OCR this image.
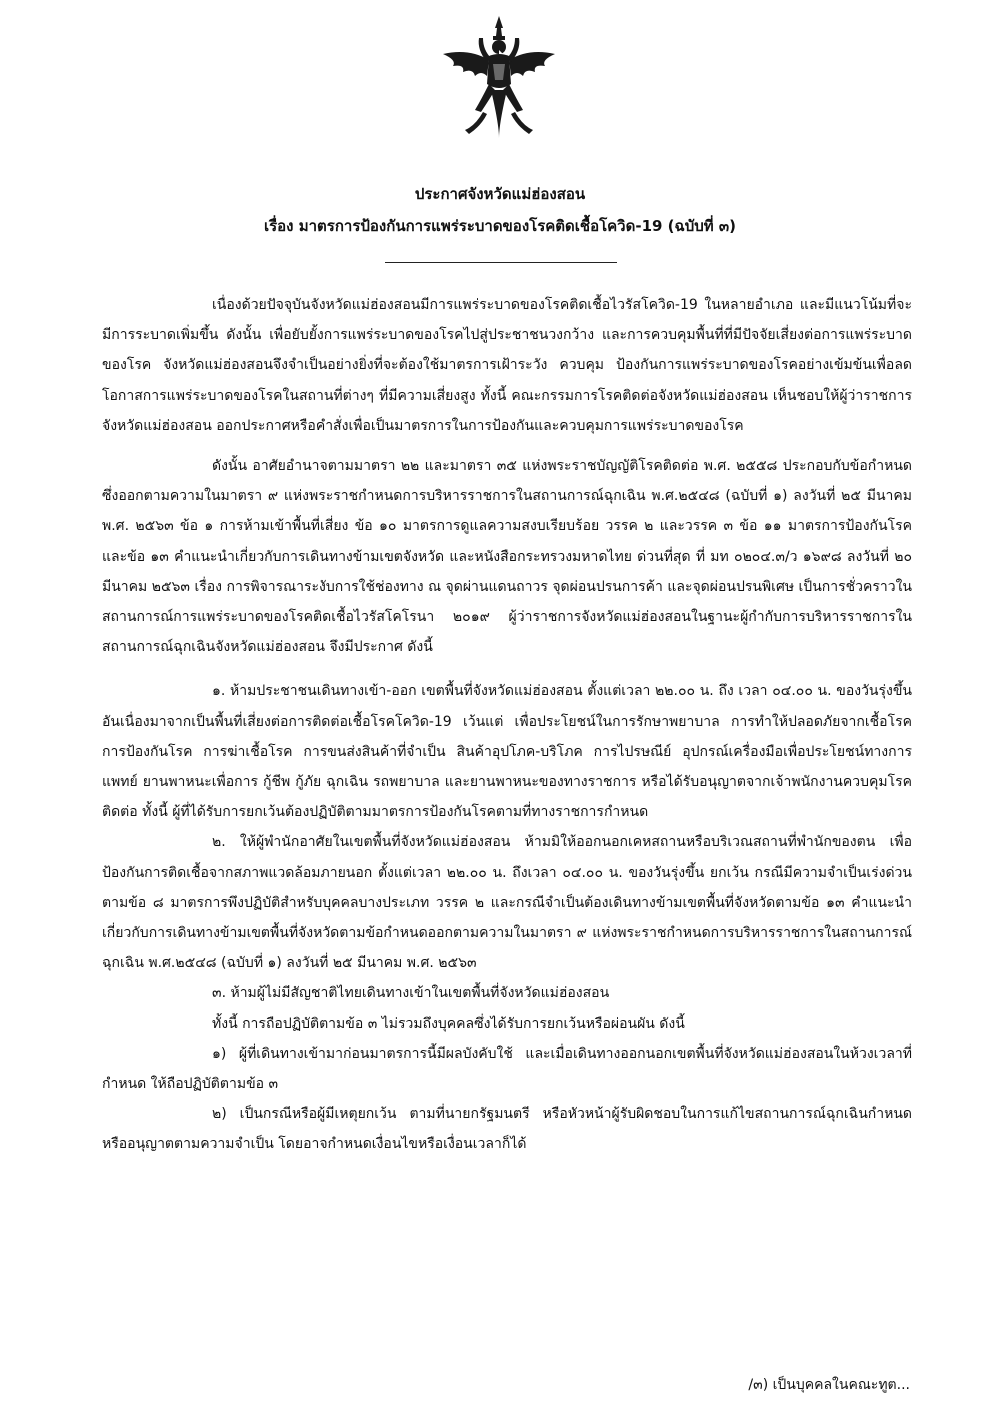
ประกาศจังหวัดแม่ฮ่องสอน
เรื่อง มาตรการป้องกันการแพร่ระบาดของโรคติดเชื้อโควิด-19 (ฉบับที่ ๓)

เนื่องด้วยปัจจุบันจังหวัดแม่ฮ่องสอนมีการแพร่ระบาดของโรคติดเชื้อไวรัสโควิด-19 ในหลายอำเภอ และมีแนวโน้มที่จะมีการระบาดเพิ่มขึ้น ดังนั้น เพื่อยับยั้งการแพร่ระบาดของโรคไปสู่ประชาชนวงกว้าง และการควบคุมพื้นที่ที่มีปัจจัยเสี่ยงต่อการแพร่ระบาดของโรค จังหวัดแม่ฮ่องสอนจึงจำเป็นอย่างยิ่งที่จะต้องใช้มาตรการเฝ้าระวัง ควบคุม ป้องกันการแพร่ระบาดของโรคอย่างเข้มข้นเพื่อลดโอกาสการแพร่ระบาดของโรคในสถานที่ต่างๆ ที่มีความเสี่ยงสูง ทั้งนี้ คณะกรรมการโรคติดต่อจังหวัดแม่ฮ่องสอน เห็นชอบให้ผู้ว่าราชการจังหวัดแม่ฮ่องสอน ออกประกาศหรือคำสั่งเพื่อเป็นมาตรการในการป้องกันและควบคุมการแพร่ระบาดของโรค

ดังนั้น อาศัยอำนาจตามมาตรา ๒๒ และมาตรา ๓๕ แห่งพระราชบัญญัติโรคติดต่อ พ.ศ. ๒๕๕๘ ประกอบกับข้อกำหนดซึ่งออกตามความในมาตรา ๙ แห่งพระราชกำหนดการบริหารราชการในสถานการณ์ฉุกเฉิน พ.ศ.๒๕๔๘ (ฉบับที่ ๑) ลงวันที่ ๒๕ มีนาคม พ.ศ. ๒๕๖๓ ข้อ ๑ การห้ามเข้าพื้นที่เสี่ยง ข้อ ๑๐ มาตรการดูแลความสงบเรียบร้อย วรรค ๒ และวรรค ๓ ข้อ ๑๑ มาตรการป้องกันโรค และข้อ ๑๓ คำแนะนำเกี่ยวกับการเดินทางข้ามเขตจังหวัด และหนังสือกระทรวงมหาดไทย ด่วนที่สุด ที่ มท ๐๒๐๔.๓/ว ๑๖๙๘ ลงวันที่ ๒๐ มีนาคม ๒๕๖๓ เรื่อง การพิจารณาระงับการใช้ช่องทาง ณ จุดผ่านแดนถาวร จุดผ่อนปรนการค้า และจุดผ่อนปรนพิเศษ เป็นการชั่วคราวในสถานการณ์การแพร่ระบาดของโรคติดเชื้อไวรัสโคโรนา ๒๐๑๙ ผู้ว่าราชการจังหวัดแม่ฮ่องสอนในฐานะผู้กำกับการบริหารราชการในสถานการณ์ฉุกเฉินจังหวัดแม่ฮ่องสอน จึงมีประกาศ ดังนี้

๑. ห้ามประชาชนเดินทางเข้า-ออก เขตพื้นที่จังหวัดแม่ฮ่องสอน ตั้งแต่เวลา ๒๒.๐๐ น. ถึง เวลา ๐๔.๐๐ น. ของวันรุ่งขึ้น อันเนื่องมาจากเป็นพื้นที่เสี่ยงต่อการติดต่อเชื้อโรคโควิด-19 เว้นแต่ เพื่อประโยชน์ในการรักษาพยาบาล การทำให้ปลอดภัยจากเชื้อโรค การป้องกันโรค การฆ่าเชื้อโรค การขนส่งสินค้าที่จำเป็น สินค้าอุปโภค-บริโภค การไปรษณีย์ อุปกรณ์เครื่องมือเพื่อประโยชน์ทางการแพทย์ ยานพาหนะเพื่อการ กู้ชีพ กู้ภัย ฉุกเฉิน รถพยาบาล และยานพาหนะของทางราชการ หรือได้รับอนุญาตจากเจ้าพนักงานควบคุมโรคติดต่อ ทั้งนี้ ผู้ที่ได้รับการยกเว้นต้องปฏิบัติตามมาตรการป้องกันโรคตามที่ทางราชการกำหนด

๒. ให้ผู้พำนักอาศัยในเขตพื้นที่จังหวัดแม่ฮ่องสอน ห้ามมิให้ออกนอกเคหสถานหรือบริเวณสถานที่พำนักของตน เพื่อป้องกันการติดเชื้อจากสภาพแวดล้อมภายนอก ตั้งแต่เวลา ๒๒.๐๐ น. ถึงเวลา ๐๔.๐๐ น. ของวันรุ่งขึ้น ยกเว้น กรณีมีความจำเป็นเร่งด่วนตามข้อ ๘ มาตรการพึงปฏิบัติสำหรับบุคคลบางประเภท วรรค ๒ และกรณีจำเป็นต้องเดินทางข้ามเขตพื้นที่จังหวัดตามข้อ ๑๓ คำแนะนำเกี่ยวกับการเดินทางข้ามเขตพื้นที่จังหวัดตามข้อกำหนดออกตามความในมาตรา ๙ แห่งพระราชกำหนดการบริหารราชการในสถานการณ์ฉุกเฉิน พ.ศ.๒๕๔๘ (ฉบับที่ ๑) ลงวันที่ ๒๕ มีนาคม พ.ศ. ๒๕๖๓

๓. ห้ามผู้ไม่มีสัญชาติไทยเดินทางเข้าในเขตพื้นที่จังหวัดแม่ฮ่องสอน

ทั้งนี้ การถือปฏิบัติตามข้อ ๓ ไม่รวมถึงบุคคลซึ่งได้รับการยกเว้นหรือผ่อนผัน ดังนี้

๑) ผู้ที่เดินทางเข้ามาก่อนมาตรการนี้มีผลบังคับใช้ และเมื่อเดินทางออกนอกเขตพื้นที่จังหวัดแม่ฮ่องสอนในห้วงเวลาที่กำหนด ให้ถือปฏิบัติตามข้อ ๓

๒) เป็นกรณีหรือผู้มีเหตุยกเว้น ตามที่นายกรัฐมนตรี หรือหัวหน้าผู้รับผิดชอบในการแก้ไขสถานการณ์ฉุกเฉินกำหนด หรืออนุญาตตามความจำเป็น โดยอาจกำหนดเงื่อนไขหรือเงื่อนเวลาก็ได้

/๓) เป็นบุคคลในคณะทูต...
